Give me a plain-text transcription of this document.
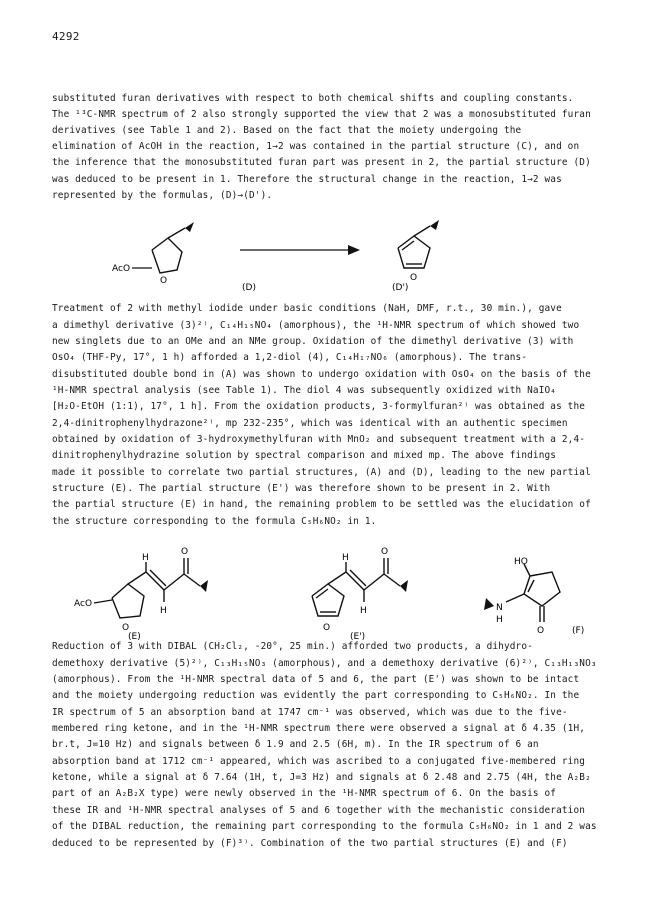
4292
substituted furan derivatives with respect to both chemical shifts and coupling constants.
The ¹³C-NMR spectrum of 2 also strongly supported the view that 2 was a monosubstituted furan
derivatives (see Table 1 and 2). Based on the fact that the moiety undergoing the
elimination of AcOH in the reaction, 1→2 was contained in the partial structure (C), and on
the inference that the monosubstituted furan part was present in 2, the partial structure (D)
was deduced to be present in 1. Therefore the structural change in the reaction, 1→2 was
represented by the formulas, (D)→(D').
AcO
O	O
(D)	(D')
Treatment of 2 with methyl iodide under basic conditions (NaH, DMF, r.t., 30 min.), gave
a dimethyl derivative (3)²⁾, C₁₄H₁₅NO₄ (amorphous), the ¹H-NMR spectrum of which showed two
new singlets due to an OMe and an NMe group. Oxidation of the dimethyl derivative (3) with
OsO₄ (THF-Py, 17°, 1 h) afforded a 1,2-diol (4), C₁₄H₁₇NO₆ (amorphous). The trans-
disubstituted double bond in (A) was shown to undergo oxidation with OsO₄ on the basis of the
¹H-NMR spectral analysis (see Table 1). The diol 4 was subsequently oxidized with NaIO₄
[H₂O-EtOH (1:1), 17°, 1 h]. From the oxidation products, 3-formylfuran²⁾ was obtained as the
2,4-dinitrophenylhydrazone²⁾, mp 232-235°, which was identical with an authentic specimen
obtained by oxidation of 3-hydroxymethylfuran with MnO₂ and subsequent treatment with a 2,4-
dinitrophenylhydrazine solution by spectral comparison and mixed mp. The above findings
made it possible to correlate two partial structures, (A) and (D), leading to the new partial
structure (E). The partial structure (E') was therefore shown to be present in 2. With
the partial structure (E) in hand, the remaining problem to be settled was the elucidation of
the structure corresponding to the formula C₅H₆NO₂ in 1.
AcO
O
H
H
O
(E)
O
H
H
O
(E')
HO
N
H
O	(F)
Reduction of 3 with DIBAL (CH₂Cl₂, -20°, 25 min.) afforded two products, a dihydro-
demethoxy derivative (5)²⁾, C₁₃H₁₅NO₃ (amorphous), and a demethoxy derivative (6)²⁾, C₁₃H₁₃NO₃
(amorphous). From the ¹H-NMR spectral data of 5 and 6, the part (E') was shown to be intact
and the moiety undergoing reduction was evidently the part corresponding to C₅H₆NO₂. In the
IR spectrum of 5 an absorption band at 1747 cm⁻¹ was observed, which was due to the five-
membered ring ketone, and in the ¹H-NMR spectrum there were observed a signal at δ 4.35 (1H,
br.t, J=10 Hz) and signals between δ 1.9 and 2.5 (6H, m). In the IR spectrum of 6 an
absorption band at 1712 cm⁻¹ appeared, which was ascribed to a conjugated five-membered ring
ketone, while a signal at δ 7.64 (1H, t, J=3 Hz) and signals at δ 2.48 and 2.75 (4H, the A₂B₂
part of an A₂B₂X type) were newly observed in the ¹H-NMR spectrum of 6. On the basis of
these IR and ¹H-NMR spectral analyses of 5 and 6 together with the mechanistic consideration
of the DIBAL reduction, the remaining part corresponding to the formula C₅H₆NO₂ in 1 and 2 was
deduced to be represented by (F)³⁾. Combination of the two partial structures (E) and (F)
